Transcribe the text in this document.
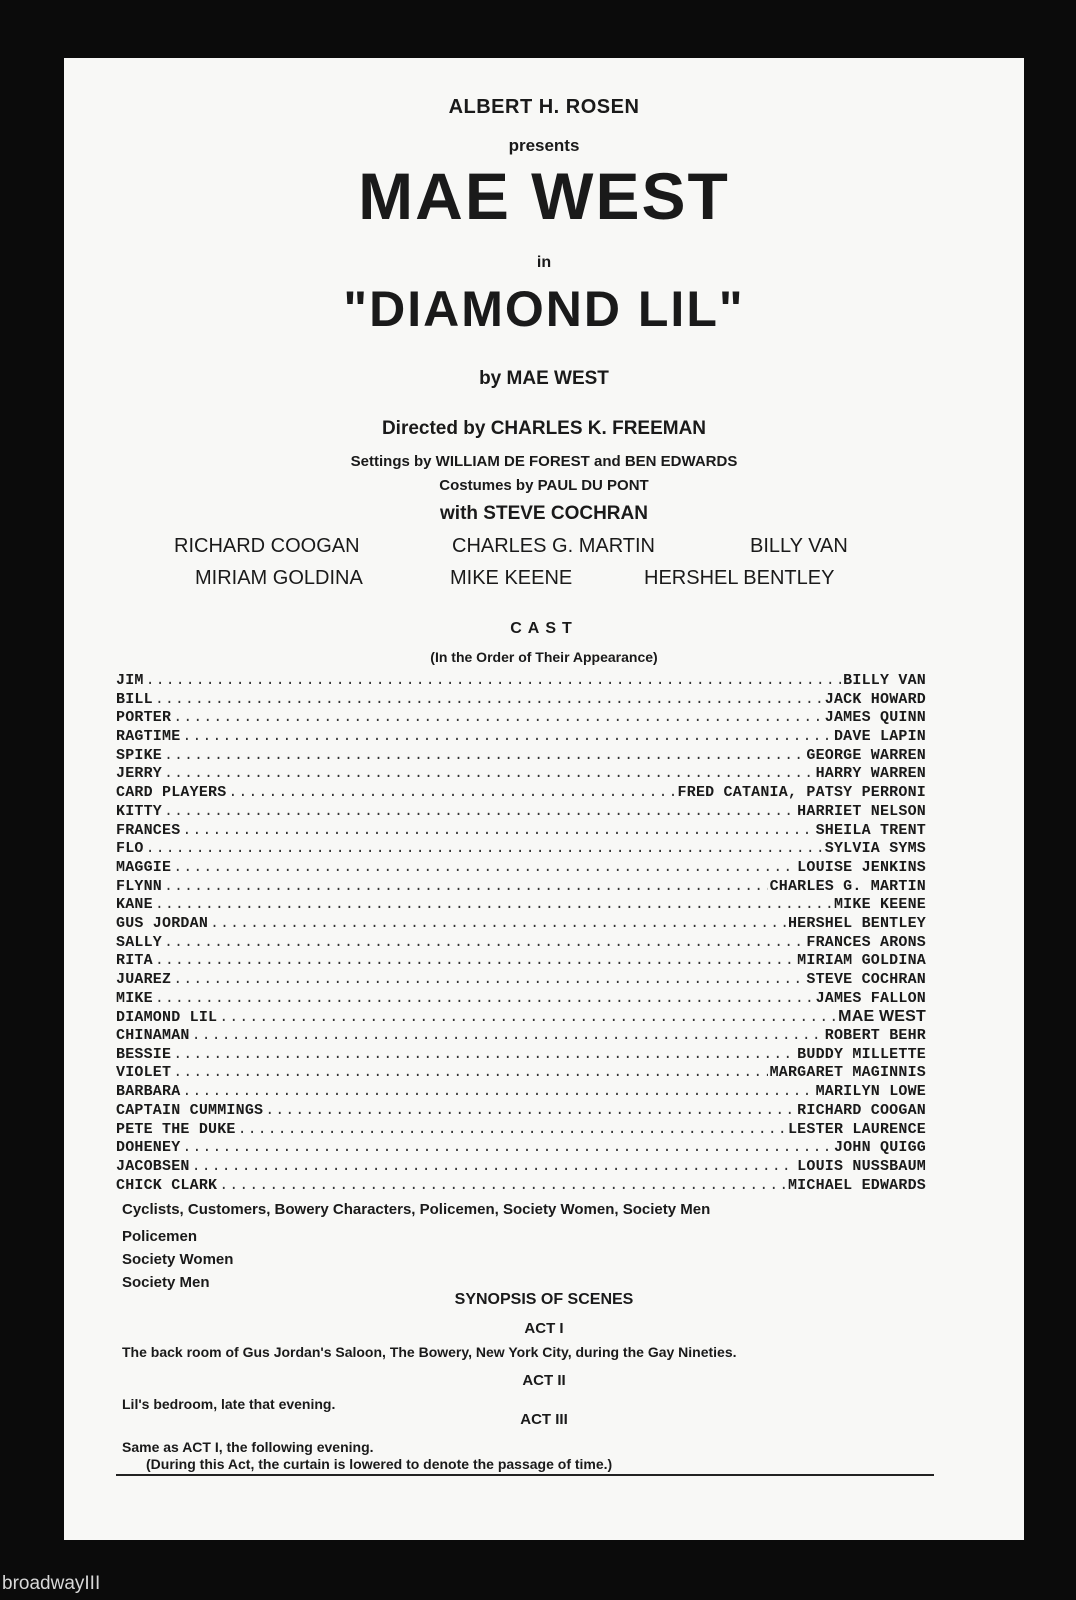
ALBERT H. ROSEN
presents
MAE WEST
in
"DIAMOND LIL"
by MAE WEST
Directed by CHARLES K. FREEMAN
Settings by WILLIAM DE FOREST and BEN EDWARDS
Costumes by PAUL DU PONT
with STEVE COCHRAN
RICHARD COOGAN	CHARLES G. MARTIN	BILLY VAN
MIRIAM GOLDINA	MIKE KEENE	HERSHEL BENTLEY
CAST
(In the Order of Their Appearance)
JIM .....	BILLY VAN
BILL .....	JACK HOWARD
PORTER .....	JAMES QUINN
RAGTIME .....	DAVE LAPIN
SPIKE .....	GEORGE WARREN
JERRY .....	HARRY WARREN
CARD PLAYERS .....	FRED CATANIA, PATSY PERRONI
KITTY .....	HARRIET NELSON
FRANCES .....	SHEILA TRENT
FLO .....	SYLVIA SYMS
MAGGIE .....	LOUISE JENKINS
FLYNN .....	CHARLES G. MARTIN
KANE .....	MIKE KEENE
GUS JORDAN .....	HERSHEL BENTLEY
SALLY .....	FRANCES ARONS
RITA .....	MIRIAM GOLDINA
JUAREZ .....	STEVE COCHRAN
MIKE .....	JAMES FALLON
DIAMOND LIL .....	MAE WEST
CHINAMAN .....	ROBERT BEHR
BESSIE .....	BUDDY MILLETTE
VIOLET .....	MARGARET MAGINNIS
BARBARA .....	MARILYN LOWE
CAPTAIN CUMMINGS .....	RICHARD COOGAN
PETE THE DUKE .....	LESTER LAURENCE
DOHENEY .....	JOHN QUIGG
JACOBSEN .....	LOUIS NUSSBAUM
CHICK CLARK .....	MICHAEL EDWARDS
Cyclists, Customers, Bowery Characters, Policemen, Society Women, Society Men
Policemen
Society Women
Society Men
SYNOPSIS OF SCENES
ACT I
The back room of Gus Jordan's Saloon, The Bowery, New York City, during the Gay Nineties.
ACT II
Lil's bedroom, late that evening.
ACT III
Same as ACT I, the following evening.
(During this Act, the curtain is lowered to denote the passage of time.)
broadwayIII
